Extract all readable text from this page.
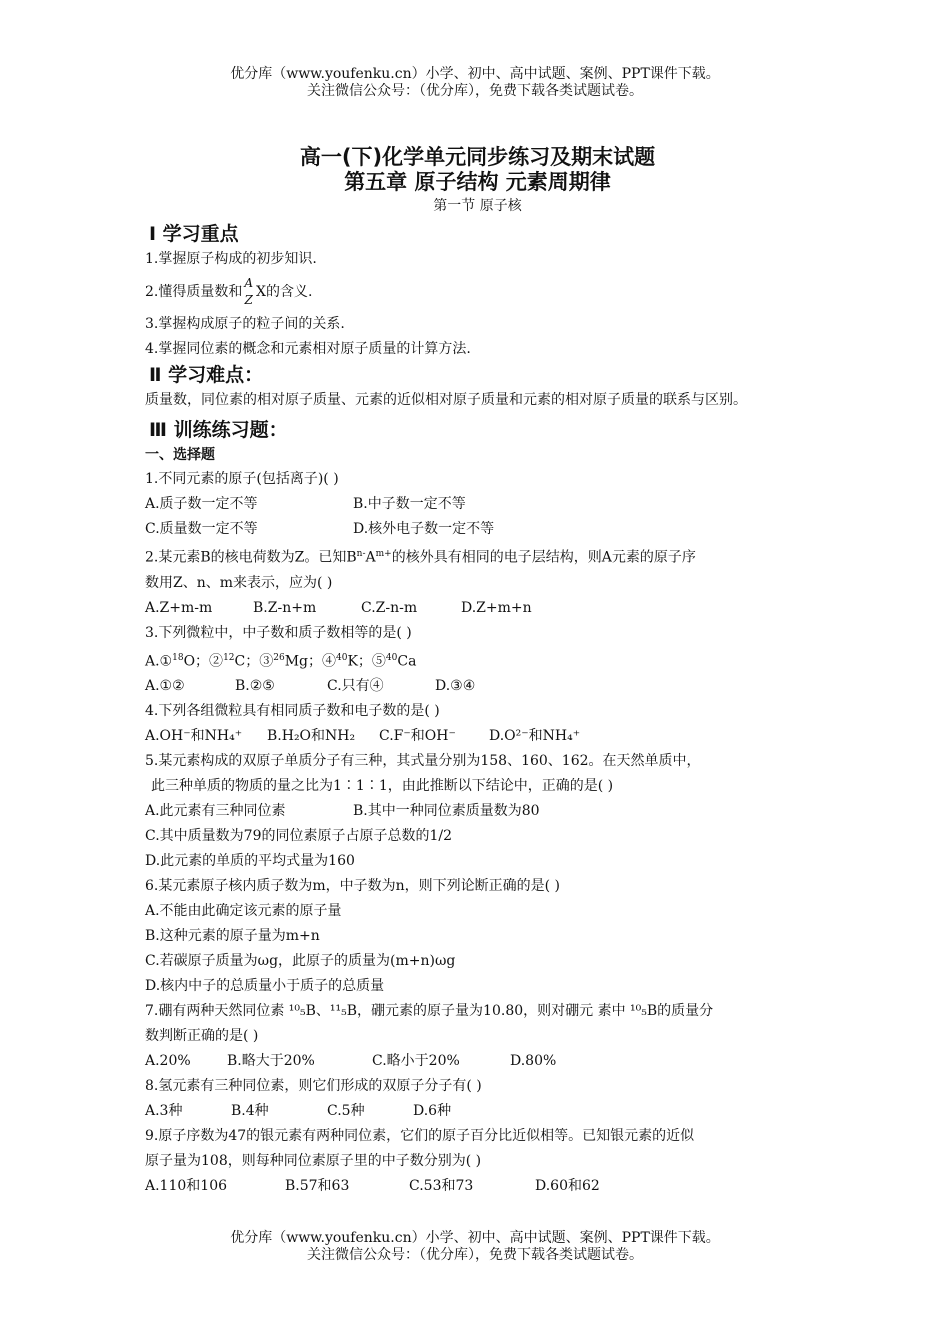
优分库（www.youfenku.cn）小学、初中、高中试题、案例、PPT课件下载。
关注微信公众号：（优分库），免费下载各类试题试卷。
高一(下)化学单元同步练习及期末试题
第五章 原子结构 元素周期律
第一节 原子核
Ⅰ 学习重点
1.掌握原子构成的初步知识.
2.懂得质量数和
A
Z X的含义.
3.掌握构成原子的粒子间的关系.
4.掌握同位素的概念和元素相对原子质量的计算方法.
Ⅱ 学习难点：
质量数，同位素的相对原子质量、元素的近似相对原子质量和元素的相对原子质量的联系与区别。
Ⅲ 训练练习题：
一、选择题
1.不同元素的原子(包括离子)( )
A.质子数一定不等	B.中子数一定不等
C.质量数一定不等	D.核外电子数一定不等
2.某元素B的核电荷数为Z。已知$B^{n-}A^{m+}$的核外具有相同的电子层结构，则A元素的原子序
数用Z、n、m来表示，应为( )
A.Z+m-m	B.Z-n+m	C.Z-n-m	D.Z+m+n
3.下列微粒中，中子数和质子数相等的是( )
A.①$^{18}$O；②$^{12}$C；③$^{26}$Mg；④$^{40}$K；⑤$^{40}$Ca
A.①②	B.②⑤	C.只有④	D.③④
4.下列各组微粒具有相同质子数和电子数的是( )
A.OH⁻和NH₄⁺	B.H₂O和NH₂	C.F⁻和OH⁻	D.O²⁻和NH₄⁺
5.某元素构成的双原子单质分子有三种，其式量分别为158、160、162。在天然单质中，
此三种单质的物质的量之比为1∶1∶1，由此推断以下结论中，正确的是( )
A.此元素有三种同位素	B.其中一种同位素质量数为80
C.其中质量数为79的同位素原子占原子总数的1/2
D.此元素的单质的平均式量为160
6.某元素原子核内质子数为m，中子数为n，则下列论断正确的是( )
A.不能由此确定该元素的原子量
B.这种元素的原子量为m+n
C.若碳原子质量为ωg，此原子的质量为(m+n)ωg
D.核内中子的总质量小于质子的总质量
7.硼有两种天然同位素 ¹⁰₅B、¹¹₅B，硼元素的原子量为10.80，则对硼元 素中 ¹⁰₅B的质量分
数判断正确的是( )
A.20%	B.略大于20%	C.略小于20%	D.80%
8.氢元素有三种同位素，则它们形成的双原子分子有( )
A.3种	B.4种	C.5种	D.6种
9.原子序数为47的银元素有两种同位素，它们的原子百分比近似相等。已知银元素的近似
原子量为108，则每种同位素原子里的中子数分别为( )
A.110和106	B.57和63	C.53和73	D.60和62
优分库（www.youfenku.cn）小学、初中、高中试题、案例、PPT课件下载。
关注微信公众号：（优分库），免费下载各类试题试卷。
